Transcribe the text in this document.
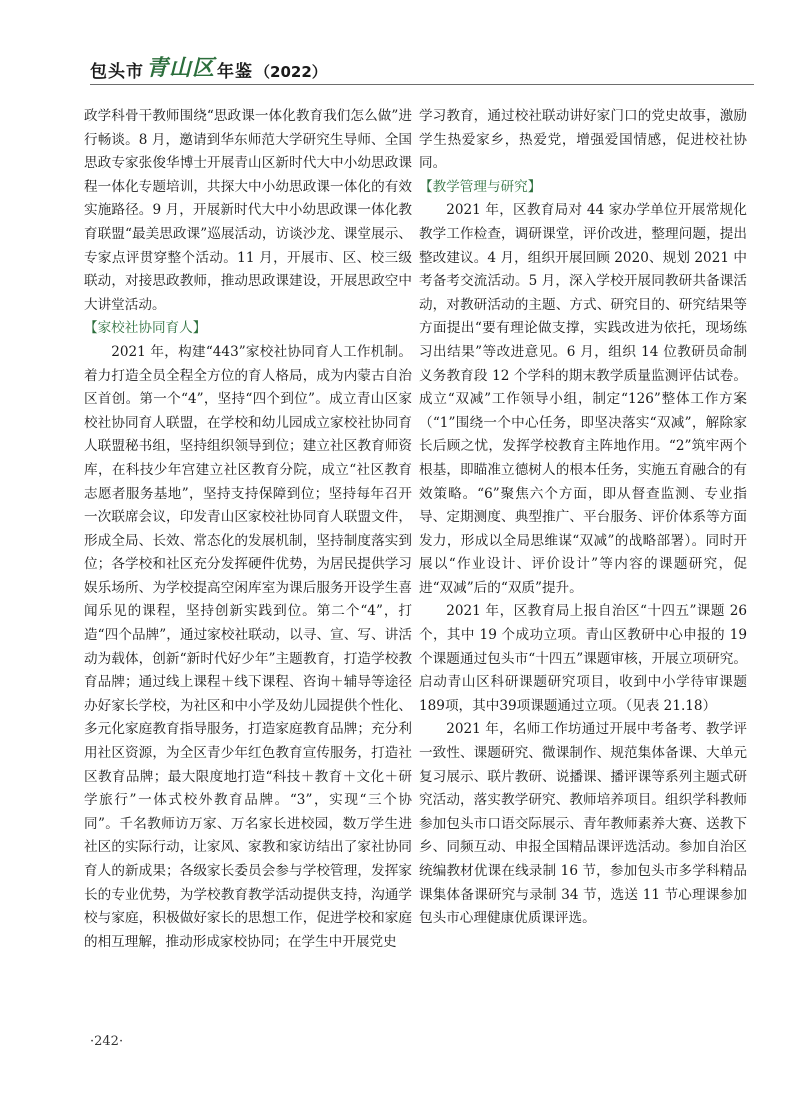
包头市 青山区 年鉴 （2022）

政学科骨干教师围绕“思政课一体化教育我们怎么做”进行畅谈。8 月，邀请到华东师范大学研究生导师、全国思政专家张俊华博士开展青山区新时代大中小幼思政课程一体化专题培训，共探大中小幼思政课一体化的有效实施路径。9 月，开展新时代大中小幼思政课一体化教育联盟“最美思政课”巡展活动，访谈沙龙、课堂展示、专家点评贯穿整个活动。11 月，开展市、区、校三级联动，对接思政教师，推动思政课建设，开展思政空中大讲堂活动。

【家校社协同育人】

2021 年，构建“443”家校社协同育人工作机制。着力打造全员全程全方位的育人格局，成为内蒙古自治区首创。第一个“4”，坚持“四个到位”。成立青山区家校社协同育人联盟，在学校和幼儿园成立家校社协同育人联盟秘书组，坚持组织领导到位；建立社区教育师资库，在科技少年宫建立社区教育分院，成立“社区教育志愿者服务基地”，坚持支持保障到位；坚持每年召开一次联席会议，印发青山区家校社协同育人联盟文件，形成全局、长效、常态化的发展机制，坚持制度落实到位；各学校和社区充分发挥硬件优势，为居民提供学习娱乐场所、为学校提高空闲库室为课后服务开设学生喜闻乐见的课程，坚持创新实践到位。第二个“4”，打造“四个品牌”，通过家校社联动，以寻、宣、写、讲活动为载体，创新“新时代好少年”主题教育，打造学校教育品牌；通过线上课程＋线下课程、咨询＋辅导等途径办好家长学校，为社区和中小学及幼儿园提供个性化、多元化家庭教育指导服务，打造家庭教育品牌；充分利用社区资源，为全区青少年红色教育宣传服务，打造社区教育品牌；最大限度地打造“科技＋教育＋文化＋研学旅行”一体式校外教育品牌。“3”，实现“三个协同”。千名教师访万家、万名家长进校园，数万学生进社区的实际行动，让家风、家教和家访结出了家社协同育人的新成果；各级家长委员会参与学校管理，发挥家长的专业优势，为学校教育教学活动提供支持，沟通学校与家庭，积极做好家长的思想工作，促进学校和家庭的相互理解，推动形成家校协同；在学生中开展党史

学习教育，通过校社联动讲好家门口的党史故事，激励学生热爱家乡，热爱党，增强爱国情感，促进校社协同。

【教学管理与研究】

2021 年，区教育局对 44 家办学单位开展常规化教学工作检查，调研课堂，评价改进，整理问题，提出整改建议。4 月，组织开展回顾 2020、规划 2021 中考备考交流活动。5 月，深入学校开展同教研共备课活动，对教研活动的主题、方式、研究目的、研究结果等方面提出“要有理论做支撑，实践改进为依托，现场练习出结果”等改进意见。6 月，组织 14 位教研员命制义务教育段 12 个学科的期末教学质量监测评估试卷。成立“双减”工作领导小组，制定“126”整体工作方案（“1”围绕一个中心任务，即坚决落实“双减”，解除家长后顾之忧，发挥学校教育主阵地作用。“2”筑牢两个根基，即瞄准立德树人的根本任务，实施五育融合的有效策略。“6”聚焦六个方面，即从督查监测、专业指导、定期测度、典型推广、平台服务、评价体系等方面发力，形成以全局思维谋“双减”的战略部署）。同时开展以“作业设计、评价设计”等内容的课题研究，促进“双减”后的“双质”提升。

2021 年，区教育局上报自治区“十四五”课题 26 个，其中 19 个成功立项。青山区教研中心申报的 19 个课题通过包头市“十四五”课题审核，开展立项研究。启动青山区科研课题研究项目，收到中小学待审课题189项，其中39项课题通过立项。（见表 21.18）

2021 年，名师工作坊通过开展中考备考、教学评一致性、课题研究、微课制作、规范集体备课、大单元复习展示、联片教研、说播课、播评课等系列主题式研究活动，落实教学研究、教师培养项目。组织学科教师参加包头市口语交际展示、青年教师素养大赛、送教下乡、同频互动、申报全国精品课评选活动。参加自治区统编教材优课在线录制 16 节，参加包头市多学科精品课集体备课研究与录制 34 节，选送 11 节心理课参加包头市心理健康优质课评选。

·242·
